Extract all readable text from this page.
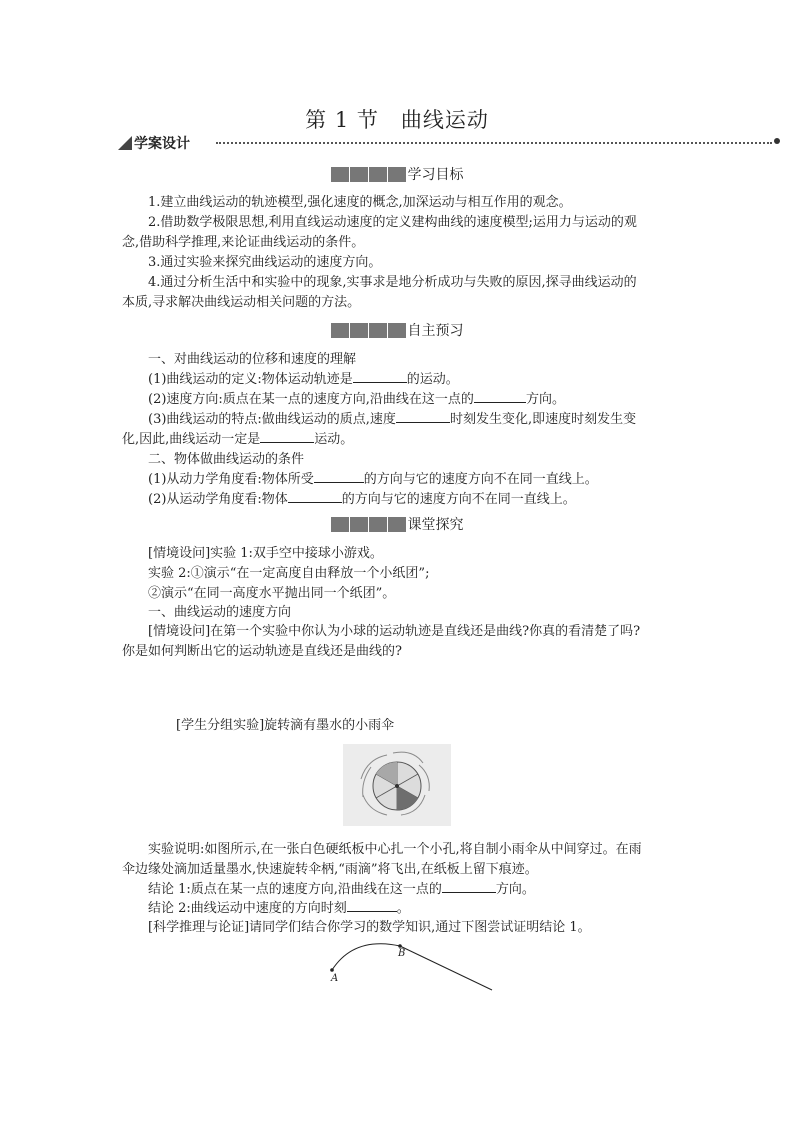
第 1 节　曲线运动
学案设计
学习目标
1.建立曲线运动的轨迹模型,强化速度的概念,加深运动与相互作用的观念。
2.借助数学极限思想,利用直线运动速度的定义建构曲线的速度模型;运用力与运动的观
念,借助科学推理,来论证曲线运动的条件。
3.通过实验来探究曲线运动的速度方向。
4.通过分析生活中和实验中的现象,实事求是地分析成功与失败的原因,探寻曲线运动的
本质,寻求解决曲线运动相关问题的方法。
自主预习
一、对曲线运动的位移和速度的理解
(1)曲线运动的定义:物体运动轨迹是	的运动。
(2)速度方向:质点在某一点的速度方向,沿曲线在这一点的	方向。
(3)曲线运动的特点:做曲线运动的质点,速度	时刻发生变化,即速度时刻发生变
化,因此,曲线运动一定是	运动。
二、物体做曲线运动的条件
(1)从动力学角度看:物体所受	的方向与它的速度方向不在同一直线上。
(2)从运动学角度看:物体	的方向与它的速度方向不在同一直线上。
课堂探究
[情境设问]实验 1:双手空中接球小游戏。
实验 2:①演示“在一定高度自由释放一个小纸团”;
②演示“在同一高度水平抛出同一个纸团”。
一、曲线运动的速度方向
[情境设问]在第一个实验中你认为小球的运动轨迹是直线还是曲线?你真的看清楚了吗?
你是如何判断出它的运动轨迹是直线还是曲线的?
[学生分组实验]旋转滴有墨水的小雨伞
实验说明:如图所示,在一张白色硬纸板中心扎一个小孔,将自制小雨伞从中间穿过。在雨
伞边缘处滴加适量墨水,快速旋转伞柄,“雨滴”将飞出,在纸板上留下痕迹。
结论 1:质点在某一点的速度方向,沿曲线在这一点的	方向。
结论 2:曲线运动中速度的方向时刻	。
[科学推理与论证]请同学们结合你学习的数学知识,通过下图尝试证明结论 1。
A
B
